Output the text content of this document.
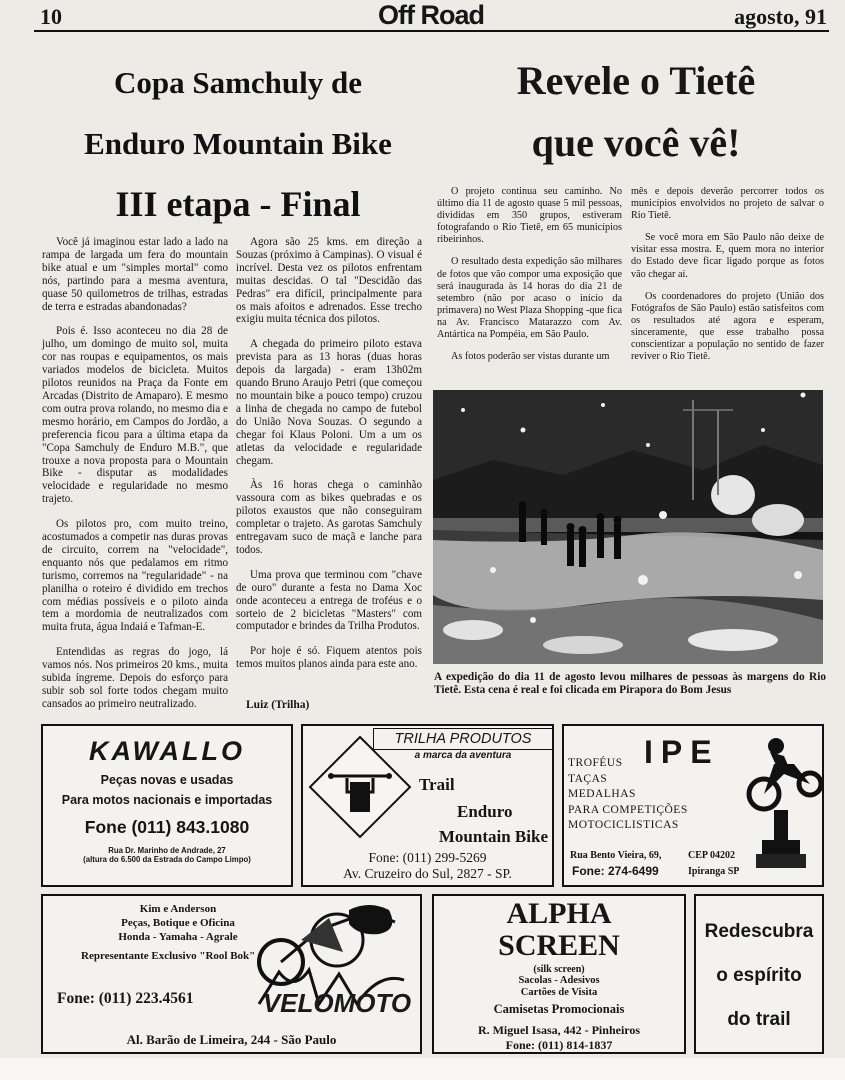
10	Off Road	agosto, 91
Copa Samchuly de
Enduro Mountain Bike
III etapa - Final
Revele o Tietê
que você vê!

Você já imaginou estar lado a lado na rampa de largada um fera do mountain bike atual e um "simples mortal" como nós, partindo para a mesma aventura, quase 50 quilometros de trilhas, estradas de terra e estradas abandonadas?

Pois é. Isso aconteceu no dia 28 de julho, um domingo de muito sol, muita cor nas roupas e equipamentos, os mais variados modelos de bicicleta. Muitos pilotos reunidos na Praça da Fonte em Arcadas (Distrito de Amaparo). E mesmo com outra prova rolando, no mesmo dia e mesmo horário, em Campos do Jordão, a preferencia ficou para a última etapa da "Copa Samchuly de Enduro M.B.", que trouxe a nova proposta para o Mountain Bike - disputar as modalidades velocidade e regularidade no mesmo trajeto.

Os pilotos pro, com muito treino, acostumados a competir nas duras provas de circuito, correm na "velocidade", enquanto nós que pedalamos em ritmo turismo, corremos na "regularidade" - na planilha o roteiro é dividido em trechos com médias possíveis e o piloto ainda tem a mordomia de neutralizados com muita fruta, água Indaiá e Tafman-E.

Entendidas as regras do jogo, lá vamos nós. Nos primeiros 20 kms., muita subida íngreme. Depois do esforço para subir sob sol forte todos chegam muito cansados ao primeiro neutralizado.

Agora são 25 kms. em direção a Souzas (próximo à Campinas). O visual é incrível. Desta vez os pilotos enfrentam muitas descidas. O tal "Descidão das Pedras" era difícil, principalmente para os mais afoitos e adrenados. Esse trecho exigiu muita técnica dos pilotos.

A chegada do primeiro piloto estava prevista para as 13 horas (duas horas depois da largada) - eram 13h02m quando Bruno Araujo Petri (que começou no mountain bike a pouco tempo) cruzou a linha de chegada no campo de futebol do União Nova Souzas. O segundo a chegar foi Klaus Poloni. Um a um os atletas da velocidade e regularidade chegam.

Às 16 horas chega o caminhão vassoura com as bikes quebradas e os pilotos exaustos que não conseguiram completar o trajeto. As garotas Samchuly entregavam suco de maçã e lanche para todos.

Uma prova que terminou com "chave de ouro" durante a festa no Dama Xoc onde aconteceu a entrega de troféus e o sorteio de 2 bicicletas "Masters" com computador e brindes da Trilha Produtos.

Por hoje é só. Fiquem atentos pois temos muitos planos ainda para este ano.

Luiz (Trilha)

O projeto continua seu caminho. No último dia 11 de agosto quase 5 mil pessoas, divididas em 350 grupos, estiveram fotografando o Rio Tietê, em 65 municípios ribeirinhos.

O resultado desta expedição são milhares de fotos que vão compor uma exposição que será inaugurada às 14 horas do dia 21 de setembro (não por acaso o início da primavera) no West Plaza Shopping -que fica na Av. Francisco Matarazzo com Av. Antártica na Pompéia, em São Paulo.

As fotos poderão ser vistas durante um

mês e depois deverão percorrer todos os municípios envolvidos no projeto de salvar o Rio Tietê.

Se você mora em São Paulo não deixe de visitar essa mostra. E, quem mora no interior do Estado deve ficar ligado porque as fotos vão chegar aí.

Os coordenadores do projeto (União dos Fotógrafos de São Paulo) estão satisfeitos com os resultados até agora e esperam, sinceramente, que esse trabalho possa conscientizar a população no sentido de fazer reviver o Rio Tietê.

A expedição do dia 11 de agosto levou milhares de pessoas às margens do Rio Tietê. Esta cena é real e foi clicada em Pirapora do Bom Jesus
KAWALLO
Peças novas e usadas
Para motos nacionais e importadas
Fone (011) 843.1080
Rua Dr. Marinho de Andrade, 27
(altura do 6.500 da Estrada do Campo Limpo)
TRILHA PRODUTOS
a marca da aventura
Trail
Enduro
Mountain Bike
Fone: (011) 299-5269
Av. Cruzeiro do Sul, 2827 - SP.
IPE
TROFÉUS
TAÇAS
MEDALHAS
PARA COMPETIÇÕES
MOTOCICLISTICAS
Rua Bento Vieira, 69,	CEP 04202
Fone: 274-6499	Ipiranga SP
Kim e Anderson
Peças, Botique e Oficina
Honda - Yamaha - Agrale
Representante Exclusivo "Rool Bok"
Fone: (011) 223.4561	VELOMOTO
Al. Barão de Limeira, 244 - São Paulo
ALPHA
SCREEN
(silk screen)
Sacolas - Adesivos
Cartões de Visita
Camisetas Promocionais
R. Miguel Isasa, 442 - Pinheiros
Fone: (011) 814-1837
Redescubra
o espírito
do trail
